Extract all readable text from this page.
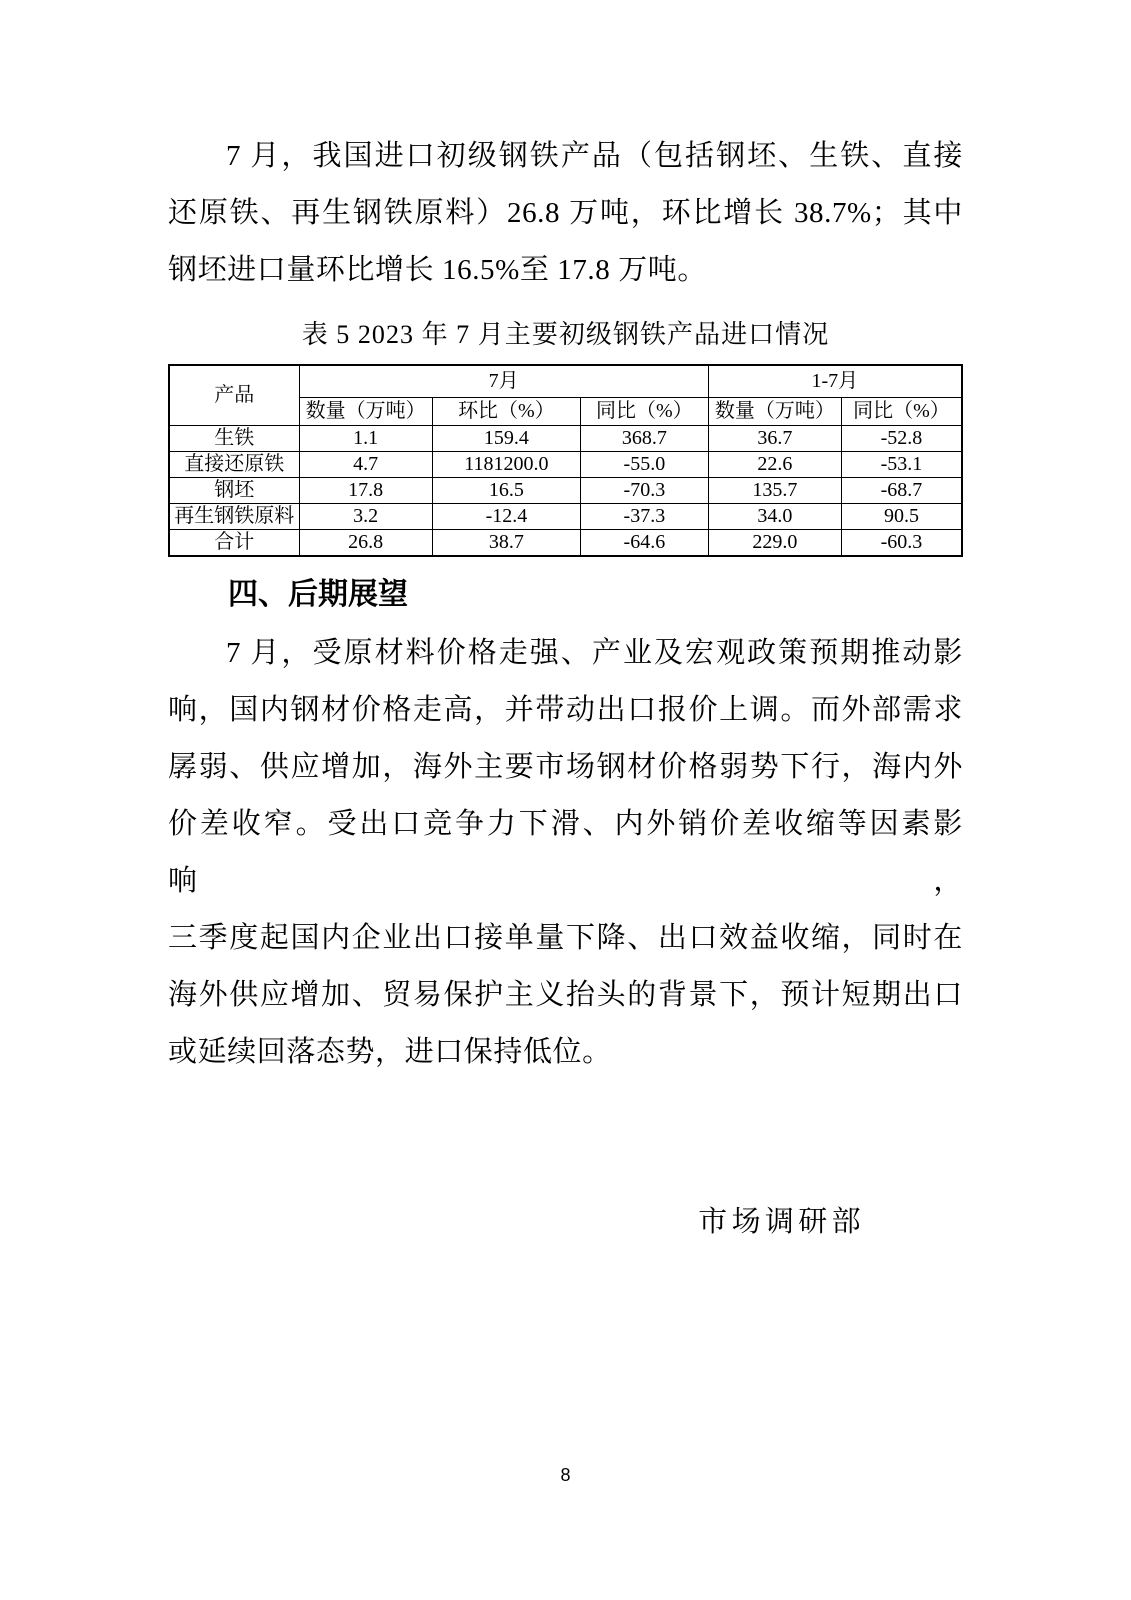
7 月，我国进口初级钢铁产品（包括钢坯、生铁、直接
还原铁、再生钢铁原料）26.8 万吨，环比增长 38.7%；其中
钢坯进口量环比增长 16.5%至 17.8 万吨。
表 5 2023 年 7 月主要初级钢铁产品进口情况
产品	7月			1-7月	
	数量（万吨）	环比（%）	同比（%）	数量（万吨）	同比（%）
生铁	1.1	159.4	368.7	36.7	-52.8
直接还原铁	4.7	1181200.0	-55.0	22.6	-53.1
钢坯	17.8	16.5	-70.3	135.7	-68.7
再生钢铁原料	3.2	-12.4	-37.3	34.0	90.5
合计	26.8	38.7	-64.6	229.0	-60.3
四、后期展望
7 月，受原材料价格走强、产业及宏观政策预期推动影
响，国内钢材价格走高，并带动出口报价上调。而外部需求
孱弱、供应增加，海外主要市场钢材价格弱势下行，海内外
价差收窄。受出口竞争力下滑、内外销价差收缩等因素影响，
三季度起国内企业出口接单量下降、出口效益收缩，同时在
海外供应增加、贸易保护主义抬头的背景下，预计短期出口
或延续回落态势，进口保持低位。
市场调研部
8
